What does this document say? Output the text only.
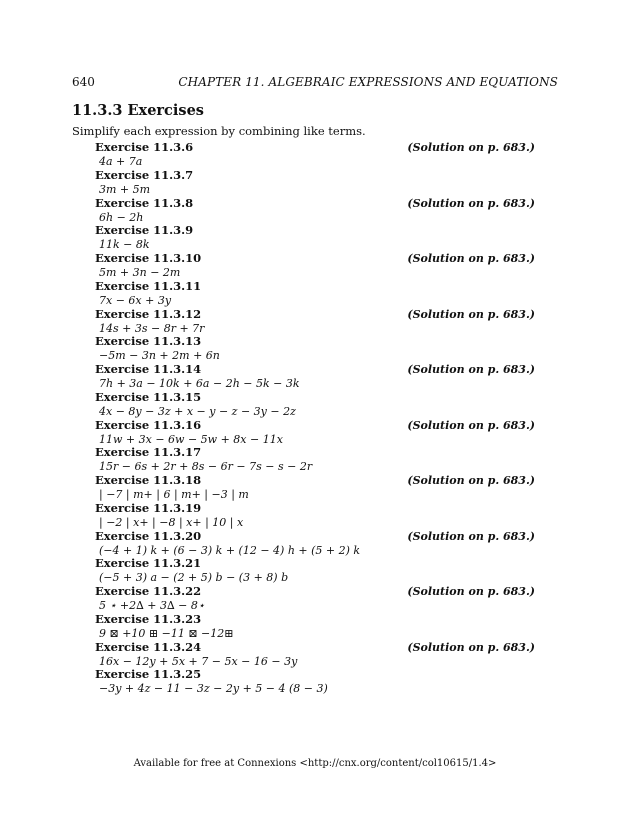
640	CHAPTER 11. ALGEBRAIC EXPRESSIONS AND EQUATIONS
11.3.3 Exercises
Simplify each expression by combining like terms.
Exercise 11.3.6	(Solution on p. 683.)
4a + 7a
Exercise 11.3.7
3m + 5m
Exercise 11.3.8	(Solution on p. 683.)
6h − 2h
Exercise 11.3.9
11k − 8k
Exercise 11.3.10	(Solution on p. 683.)
5m + 3n − 2m
Exercise 11.3.11
7x − 6x + 3y
Exercise 11.3.12	(Solution on p. 683.)
14s + 3s − 8r + 7r
Exercise 11.3.13
−5m − 3n + 2m + 6n
Exercise 11.3.14	(Solution on p. 683.)
7h + 3a − 10k + 6a − 2h − 5k − 3k
Exercise 11.3.15
4x − 8y − 3z + x − y − z − 3y − 2z
Exercise 11.3.16	(Solution on p. 683.)
11w + 3x − 6w − 5w + 8x − 11x
Exercise 11.3.17
15r − 6s + 2r + 8s − 6r − 7s − s − 2r
Exercise 11.3.18	(Solution on p. 683.)
| −7 | m+ | 6 | m+ | −3 | m
Exercise 11.3.19
| −2 | x+ | −8 | x+ | 10 | x
Exercise 11.3.20	(Solution on p. 683.)
(−4 + 1) k + (6 − 3) k + (12 − 4) h + (5 + 2) k
Exercise 11.3.21
(−5 + 3) a − (2 + 5) b − (3 + 8) b
Exercise 11.3.22	(Solution on p. 683.)
5 ⋆ +2∆ + 3∆ − 8⋆
Exercise 11.3.23
9 ⊠ +10 ⊞ −11 ⊠ −12⊞
Exercise 11.3.24	(Solution on p. 683.)
16x − 12y + 5x + 7 − 5x − 16 − 3y
Exercise 11.3.25
−3y + 4z − 11 − 3z − 2y + 5 − 4 (8 − 3)
Available for free at Connexions <http://cnx.org/content/col10615/1.4>
